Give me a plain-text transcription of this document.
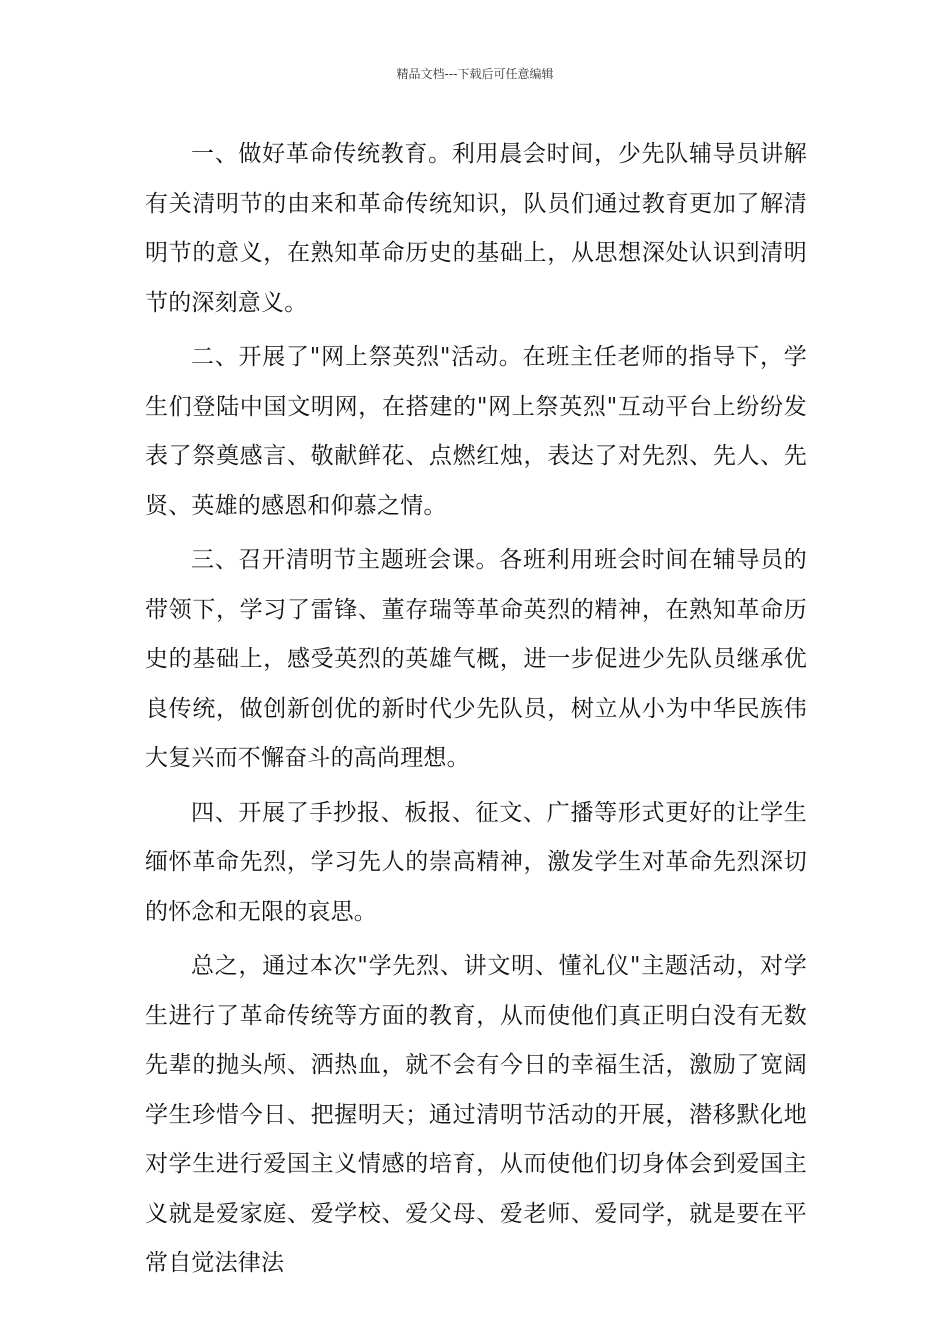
精品文档---下载后可任意编辑

一、做好革命传统教育。利用晨会时间，少先队辅导员讲解有关清明节的由来和革命传统知识，队员们通过教育更加了解清明节的意义，在熟知革命历史的基础上，从思想深处认识到清明节的深刻意义。

二、开展了"网上祭英烈"活动。在班主任老师的指导下，学生们登陆中国文明网，在搭建的"网上祭英烈"互动平台上纷纷发表了祭奠感言、敬献鲜花、点燃红烛，表达了对先烈、先人、先贤、英雄的感恩和仰慕之情。

三、召开清明节主题班会课。各班利用班会时间在辅导员的带领下，学习了雷锋、董存瑞等革命英烈的精神，在熟知革命历史的基础上，感受英烈的英雄气概，进一步促进少先队员继承优良传统，做创新创优的新时代少先队员，树立从小为中华民族伟大复兴而不懈奋斗的高尚理想。

四、开展了手抄报、板报、征文、广播等形式更好的让学生缅怀革命先烈，学习先人的崇高精神，激发学生对革命先烈深切的怀念和无限的哀思。

总之，通过本次"学先烈、讲文明、懂礼仪"主题活动，对学生进行了革命传统等方面的教育，从而使他们真正明白没有无数先辈的抛头颅、洒热血，就不会有今日的幸福生活，激励了宽阔学生珍惜今日、把握明天；通过清明节活动的开展，潜移默化地对学生进行爱国主义情感的培育，从而使他们切身体会到爱国主义就是爱家庭、爱学校、爱父母、爱老师、爱同学，就是要在平常自觉法律法
